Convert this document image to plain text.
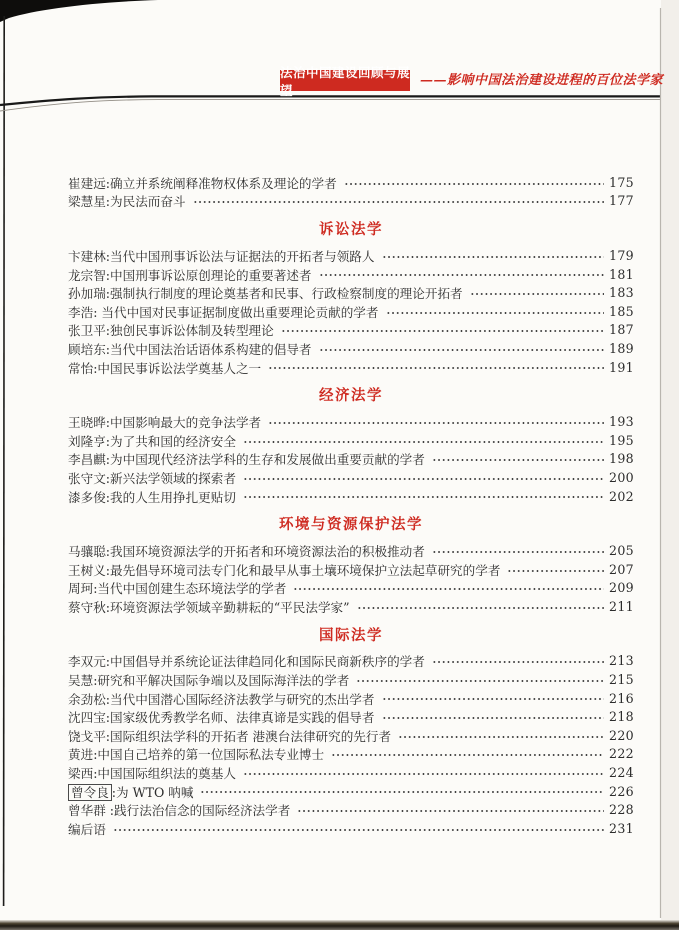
法治中国建设回顾与展望
——影响中国法治建设进程的百位法学家
崔建远:确立并系统阐释准物权体系及理论的学者	175
梁慧星:为民法而奋斗	177
诉讼法学
卞建林:当代中国刑事诉讼法与证据法的开拓者与领路人	179
龙宗智:中国刑事诉讼原创理论的重要著述者	181
孙加瑞:强制执行制度的理论奠基者和民事、行政检察制度的理论开拓者	183
李浩: 当代中国对民事证据制度做出重要理论贡献的学者	185
张卫平:独创民事诉讼体制及转型理论	187
顾培东:当代中国法治话语体系构建的倡导者	189
常怡:中国民事诉讼法学奠基人之一	191
经济法学
王晓晔:中国影响最大的竞争法学者	193
刘隆亨:为了共和国的经济安全	195
李昌麒:为中国现代经济法学科的生存和发展做出重要贡献的学者	198
张守文:新兴法学领域的探索者	200
漆多俊:我的人生用挣扎更贴切	202
环境与资源保护法学
马骧聪:我国环境资源法学的开拓者和环境资源法治的积极推动者	205
王树义:最先倡导环境司法专门化和最早从事土壤环境保护立法起草研究的学者	207
周珂:当代中国创建生态环境法学的学者	209
蔡守秋:环境资源法学领域辛勤耕耘的“平民法学家”	211
国际法学
李双元:中国倡导并系统论证法律趋同化和国际民商新秩序的学者	213
吴慧:研究和平解决国际争端以及国际海洋法的学者	215
余劲松:当代中国潜心国际经济法教学与研究的杰出学者	216
沈四宝:国家级优秀教学名师、法律真谛是实践的倡导者	218
饶戈平:国际组织法学科的开拓者 港澳台法律研究的先行者	220
黄进:中国自己培养的第一位国际私法专业博士	222
梁西:中国国际组织法的奠基人	224
曾令良 :为 WTO 呐喊	226
曾华群 :践行法治信念的国际经济法学者	228
编后语	231
